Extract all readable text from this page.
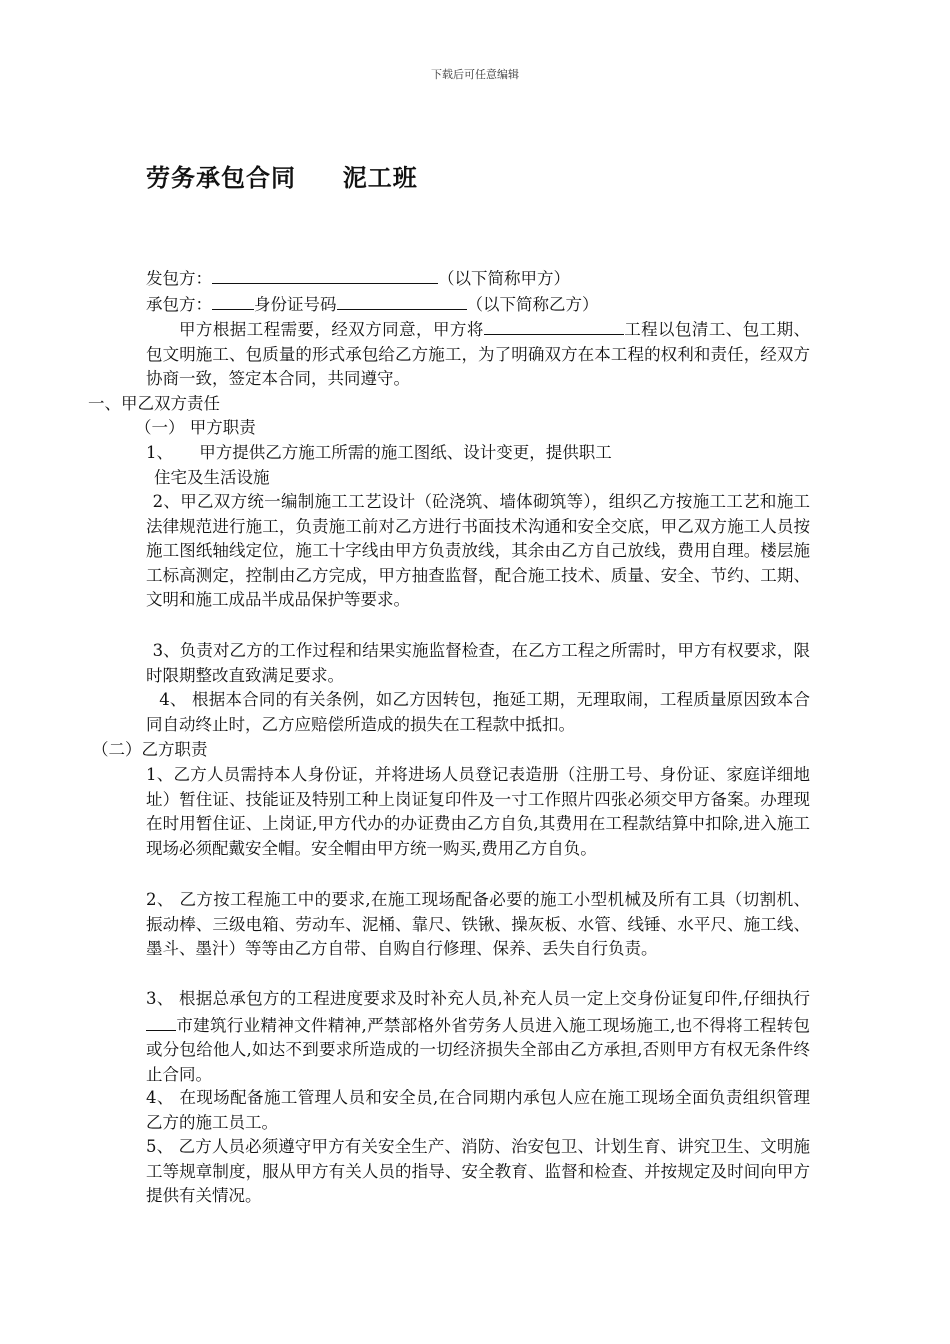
下载后可任意编辑
劳务承包合同     泥工班
发包方：	（以下简称甲方）
承包方：	身份证号码	（以下简称乙方）

甲方根据工程需要，经双方同意，甲方将	工程以包清工、包工期、包文明施工、包质量的形式承包给乙方施工，为了明确双方在本工程的权利和责任，经双方协商一致，签定本合同，共同遵守。

一、甲乙双方责任
（一） 甲方职责
1、     甲方提供乙方施工所需的施工图纸、设计变更，提供职工
住宅及生活设施

2、甲乙双方统一编制施工工艺设计（砼浇筑、墙体砌筑等），组织乙方按施工工艺和施工法律规范进行施工，负责施工前对乙方进行书面技术沟通和安全交底，甲乙双方施工人员按施工图纸轴线定位，施工十字线由甲方负责放线，其余由乙方自己放线，费用自理。楼层施工标高测定，控制由乙方完成，甲方抽查监督，配合施工技术、质量、安全、节约、工期、文明和施工成品半成品保护等要求。

3、负责对乙方的工作过程和结果实施监督检查，在乙方工程之所需时，甲方有权要求，限时限期整改直致满足要求。

4、 根据本合同的有关条例，如乙方因转包，拖延工期，无理取闹，工程质量原因致本合同自动终止时，乙方应赔偿所造成的损失在工程款中抵扣。

（二）乙方职责

1、乙方人员需持本人身份证，并将进场人员登记表造册（注册工号、身份证、家庭详细地址）暂住证、技能证及特别工种上岗证复印件及一寸工作照片四张必须交甲方备案。办理现在时用暂住证、上岗证,甲方代办的办证费由乙方自负,其费用在工程款结算中扣除,进入施工现场必须配戴安全帽。安全帽由甲方统一购买,费用乙方自负。

2、 乙方按工程施工中的要求,在施工现场配备必要的施工小型机械及所有工具（切割机、振动棒、三级电箱、劳动车、泥桶、靠尺、铁锹、操灰板、水管、线锤、水平尺、施工线、墨斗、墨汁）等等由乙方自带、自购自行修理、保养、丢失自行负责。

3、 根据总承包方的工程进度要求及时补充人员,补充人员一定上交身份证复印件,仔细执行市建筑行业精神文件精神,严禁部格外省劳务人员进入施工现场施工,也不得将工程转包或分包给他人,如达不到要求所造成的一切经济损失全部由乙方承担,否则甲方有权无条件终止合同。

4、 在现场配备施工管理人员和安全员,在合同期内承包人应在施工现场全面负责组织管理乙方的施工员工。

5、 乙方人员必须遵守甲方有关安全生产、消防、治安包卫、计划生育、讲究卫生、文明施工等规章制度，服从甲方有关人员的指导、安全教育、监督和检查、并按规定及时间向甲方提供有关情况。
